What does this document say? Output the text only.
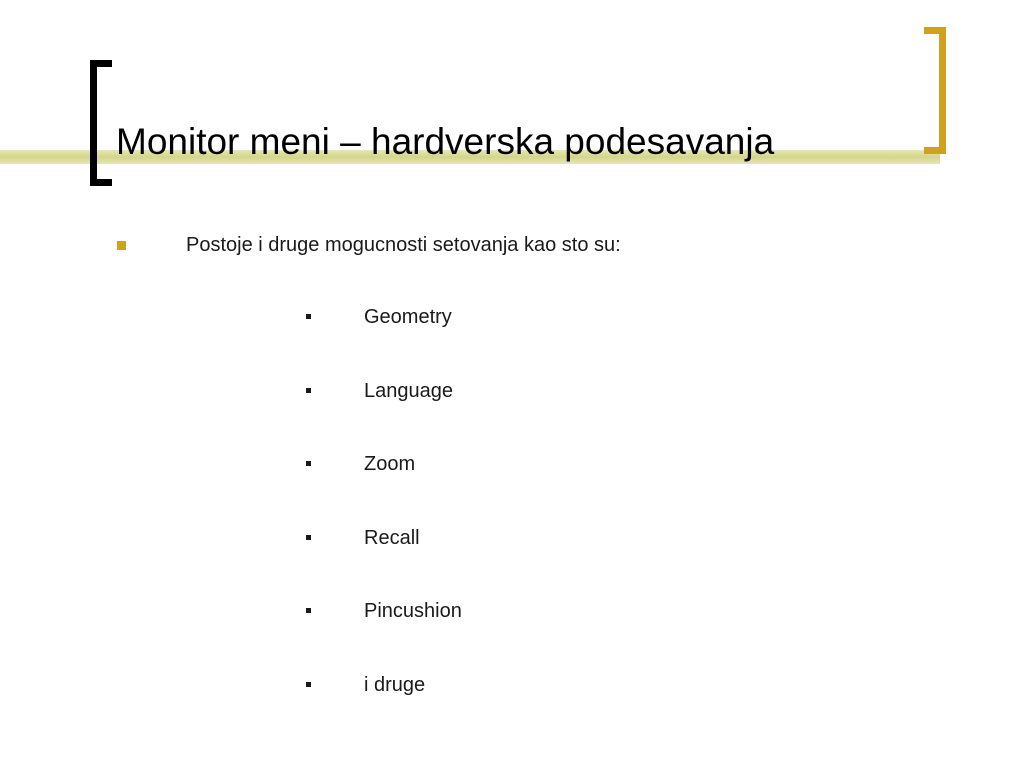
Monitor meni – hardverska podesavanja
Postoje i druge mogucnosti setovanja kao sto su:
Geometry
Language
Zoom
Recall
Pincushion
i druge
